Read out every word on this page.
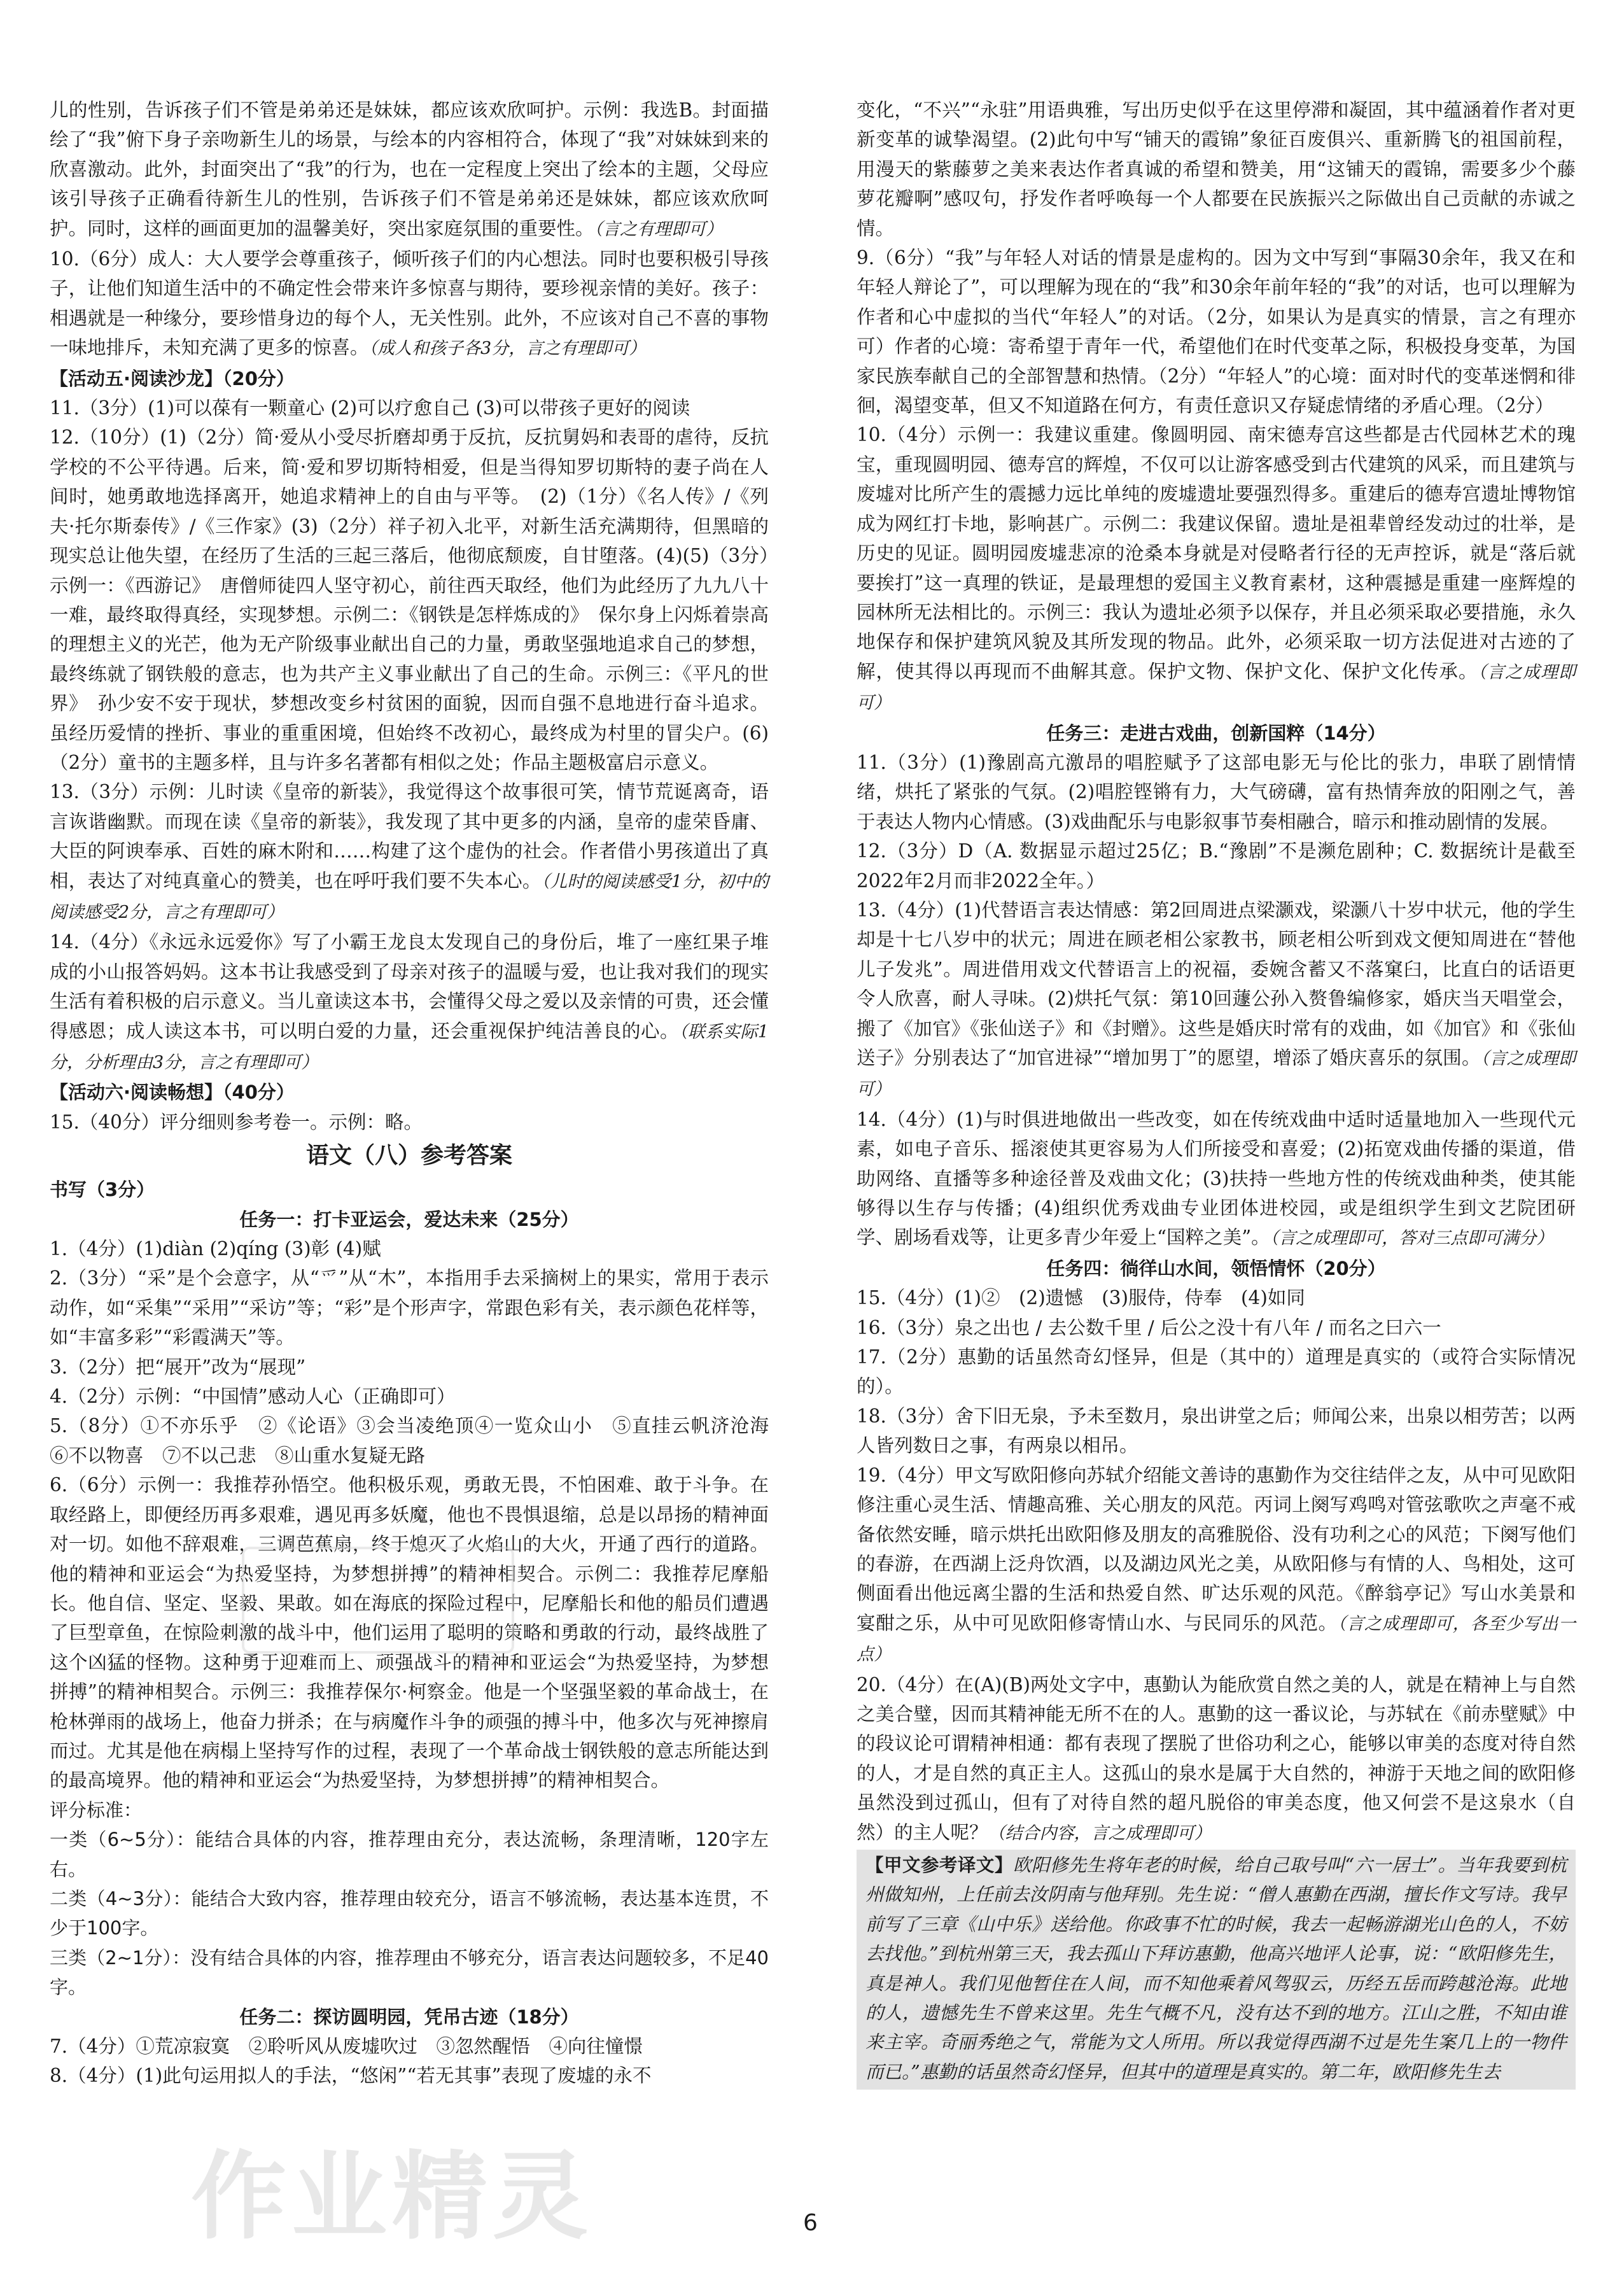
儿的性别，告诉孩子们不管是弟弟还是妹妹，都应该欢欣呵护。示例：我选B。封面描绘了“我”俯下身子亲吻新生儿的场景，与绘本的内容相符合，体现了“我”对妹妹到来的欣喜激动。此外，封面突出了“我”的行为，也在一定程度上突出了绘本的主题，父母应该引导孩子正确看待新生儿的性别，告诉孩子们不管是弟弟还是妹妹，都应该欢欣呵护。同时，这样的画面更加的温馨美好，突出家庭氛围的重要性。（言之有理即可）
10.（6分）成人：大人要学会尊重孩子，倾听孩子们的内心想法。同时也要积极引导孩子，让他们知道生活中的不确定性会带来许多惊喜与期待，要珍视亲情的美好。孩子：相遇就是一种缘分，要珍惜身边的每个人，无关性别。此外，不应该对自己不喜的事物一味地排斥，未知充满了更多的惊喜。（成人和孩子各3分，言之有理即可）
【活动五·阅读沙龙】（20分）
11.（3分）(1)可以葆有一颗童心 (2)可以疗愈自己 (3)可以带孩子更好的阅读
12.（10分）(1)（2分）简·爱从小受尽折磨却勇于反抗，反抗舅妈和表哥的虐待，反抗学校的不公平待遇。后来，简·爱和罗切斯特相爱，但是当得知罗切斯特的妻子尚在人间时，她勇敢地选择离开，她追求精神上的自由与平等。　(2)（1分）《名人传》/《列夫·托尔斯泰传》/《三作家》(3)（2分）祥子初入北平，对新生活充满期待，但黑暗的现实总让他失望，在经历了生活的三起三落后，他彻底颓废，自甘堕落。(4)(5)（3分）示例一：《西游记》　唐僧师徒四人坚守初心，前往西天取经，他们为此经历了九九八十一难，最终取得真经，实现梦想。示例二：《钢铁是怎样炼成的》　保尔身上闪烁着崇高的理想主义的光芒，他为无产阶级事业献出自己的力量，勇敢坚强地追求自己的梦想，最终练就了钢铁般的意志，也为共产主义事业献出了自己的生命。示例三：《平凡的世界》　孙少安不安于现状，梦想改变乡村贫困的面貌，因而自强不息地进行奋斗追求。虽经历爱情的挫折、事业的重重困境，但始终不改初心，最终成为村里的冒尖户。(6)（2分）童书的主题多样，且与许多名著都有相似之处；作品主题极富启示意义。
13.（3分）示例：儿时读《皇帝的新装》，我觉得这个故事很可笑，情节荒诞离奇，语言诙谐幽默。而现在读《皇帝的新装》，我发现了其中更多的内涵，皇帝的虚荣昏庸、大臣的阿谀奉承、百姓的麻木附和……构建了这个虚伪的社会。作者借小男孩道出了真相，表达了对纯真童心的赞美，也在呼吁我们要不失本心。（儿时的阅读感受1分，初中的阅读感受2分，言之有理即可）
14.（4分）《永远永远爱你》写了小霸王龙良太发现自己的身份后，堆了一座红果子堆成的小山报答妈妈。这本书让我感受到了母亲对孩子的温暖与爱，也让我对我们的现实生活有着积极的启示意义。当儿童读这本书，会懂得父母之爱以及亲情的可贵，还会懂得感恩；成人读这本书，可以明白爱的力量，还会重视保护纯洁善良的心。（联系实际1分，分析理由3分，言之有理即可）
【活动六·阅读畅想】（40分）
15.（40分）评分细则参考卷一。示例：略。
语文（八）参考答案
书写（3分）
任务一：打卡亚运会，爱达未来（25分）
1.（4分）(1)diàn (2)qíng (3)彰 (4)赋
2.（3分）“采”是个会意字，从“爫”从“木”，本指用手去采摘树上的果实，常用于表示动作，如“采集”“采用”“采访”等；“彩”是个形声字，常跟色彩有关，表示颜色花样等，如“丰富多彩”“彩霞满天”等。
3.（2分）把“展开”改为“展现”
4.（2分）示例：“中国情”感动人心（正确即可）
5.（8分）①不亦乐乎　②《论语》③会当凌绝顶④一览众山小　⑤直挂云帆济沧海　⑥不以物喜　⑦不以己悲　⑧山重水复疑无路
6.（6分）示例一：我推荐孙悟空。他积极乐观，勇敢无畏，不怕困难、敢于斗争。在取经路上，即便经历再多艰难，遇见再多妖魔，他也不畏惧退缩，总是以昂扬的精神面对一切。如他不辞艰难，三调芭蕉扇，终于熄灭了火焰山的大火，开通了西行的道路。他的精神和亚运会“为热爱坚持，为梦想拼搏”的精神相契合。示例二：我推荐尼摩船长。他自信、坚定、坚毅、果敢。如在海底的探险过程中，尼摩船长和他的船员们遭遇了巨型章鱼，在惊险刺激的战斗中，他们运用了聪明的策略和勇敢的行动，最终战胜了这个凶猛的怪物。这种勇于迎难而上、顽强战斗的精神和亚运会“为热爱坚持，为梦想拼搏”的精神相契合。示例三：我推荐保尔·柯察金。他是一个坚强坚毅的革命战士，在枪林弹雨的战场上，他奋力拼杀；在与病魔作斗争的顽强的搏斗中，他多次与死神擦肩而过。尤其是他在病榻上坚持写作的过程，表现了一个革命战士钢铁般的意志所能达到的最高境界。他的精神和亚运会“为热爱坚持，为梦想拼搏”的精神相契合。
评分标准：
一类（6~5分）：能结合具体的内容，推荐理由充分，表达流畅，条理清晰，120字左右。
二类（4~3分）：能结合大致内容，推荐理由较充分，语言不够流畅，表达基本连贯，不少于100字。
三类（2~1分）：没有结合具体的内容，推荐理由不够充分，语言表达问题较多，不足40字。
任务二：探访圆明园，凭吊古迹（18分）
7.（4分）①荒凉寂寞　②聆听风从废墟吹过　③忽然醒悟　④向往憧憬
8.（4分）(1)此句运用拟人的手法，“悠闲”“若无其事”表现了废墟的永不
变化，“不兴”“永驻”用语典雅，写出历史似乎在这里停滞和凝固，其中蕴涵着作者对更新变革的诚挚渴望。(2)此句中写“铺天的霞锦”象征百废俱兴、重新腾飞的祖国前程，用漫天的紫藤萝之美来表达作者真诚的希望和赞美，用“这铺天的霞锦，需要多少个藤萝花瓣啊”感叹句，抒发作者呼唤每一个人都要在民族振兴之际做出自己贡献的赤诚之情。
9.（6分）“我”与年轻人对话的情景是虚构的。因为文中写到“事隔30余年，我又在和年轻人辩论了”，可以理解为现在的“我”和30余年前年轻的“我”的对话，也可以理解为作者和心中虚拟的当代“年轻人”的对话。（2分，如果认为是真实的情景，言之有理亦可）作者的心境：寄希望于青年一代，希望他们在时代变革之际，积极投身变革，为国家民族奉献自己的全部智慧和热情。（2分）“年轻人”的心境：面对时代的变革迷惘和徘徊，渴望变革，但又不知道路在何方，有责任意识又存疑虑情绪的矛盾心理。（2分）
10.（4分）示例一：我建议重建。像圆明园、南宋德寿宫这些都是古代园林艺术的瑰宝，重现圆明园、德寿宫的辉煌，不仅可以让游客感受到古代建筑的风采，而且建筑与废墟对比所产生的震撼力远比单纯的废墟遗址要强烈得多。重建后的德寿宫遗址博物馆成为网红打卡地，影响甚广。示例二：我建议保留。遗址是祖辈曾经发动过的壮举，是历史的见证。圆明园废墟悲凉的沧桑本身就是对侵略者行径的无声控诉，就是“落后就要挨打”这一真理的铁证，是最理想的爱国主义教育素材，这种震撼是重建一座辉煌的园林所无法相比的。示例三：我认为遗址必须予以保存，并且必须采取必要措施，永久地保存和保护建筑风貌及其所发现的物品。此外，必须采取一切方法促进对古迹的了解，使其得以再现而不曲解其意。保护文物、保护文化、保护文化传承。（言之成理即可）
任务三：走进古戏曲，创新国粹（14分）
11.（3分）(1)豫剧高亢激昂的唱腔赋予了这部电影无与伦比的张力，串联了剧情情绪，烘托了紧张的气氛。(2)唱腔铿锵有力，大气磅礴，富有热情奔放的阳刚之气，善于表达人物内心情感。(3)戏曲配乐与电影叙事节奏相融合，暗示和推动剧情的发展。
12.（3分）D（A. 数据显示超过25亿；B.“豫剧”不是濒危剧种；C. 数据统计是截至2022年2月而非2022全年。）
13.（4分）(1)代替语言表达情感：第2回周进点梁灏戏，梁灏八十岁中状元，他的学生却是十七八岁中的状元；周进在顾老相公家教书，顾老相公听到戏文便知周进在“替他儿子发兆”。周进借用戏文代替语言上的祝福，委婉含蓄又不落窠臼，比直白的话语更令人欣喜，耐人寻味。(2)烘托气氛：第10回蘧公孙入赘鲁编修家，婚庆当天唱堂会，搬了《加官》《张仙送子》和《封赠》。这些是婚庆时常有的戏曲，如《加官》和《张仙送子》分别表达了“加官进禄”“增加男丁”的愿望，增添了婚庆喜乐的氛围。（言之成理即可）
14.（4分）(1)与时俱进地做出一些改变，如在传统戏曲中适时适量地加入一些现代元素，如电子音乐、摇滚使其更容易为人们所接受和喜爱；(2)拓宽戏曲传播的渠道，借助网络、直播等多种途径普及戏曲文化；(3)扶持一些地方性的传统戏曲种类，使其能够得以生存与传播；(4)组织优秀戏曲专业团体进校园，或是组织学生到文艺院团研学、剧场看戏等，让更多青少年爱上“国粹之美”。（言之成理即可，答对三点即可满分）
任务四：徜徉山水间，领悟情怀（20分）
15.（4分）(1)②　(2)遗憾　(3)服侍，侍奉　(4)如同
16.（3分）泉之出也 / 去公数千里 / 后公之没十有八年 / 而名之曰六一
17.（2分）惠勤的话虽然奇幻怪异，但是（其中的）道理是真实的（或符合实际情况的）。
18.（3分）舍下旧无泉，予未至数月，泉出讲堂之后；师闻公来，出泉以相劳苦；以两人皆列数日之事，有两泉以相吊。
19.（4分）甲文写欧阳修向苏轼介绍能文善诗的惠勤作为交往结伴之友，从中可见欧阳修注重心灵生活、情趣高雅、关心朋友的风范。丙词上阕写鸡鸣对管弦歌吹之声毫不戒备依然安睡，暗示烘托出欧阳修及朋友的高雅脱俗、没有功利之心的风范；下阕写他们的春游，在西湖上泛舟饮酒，以及湖边风光之美，从欧阳修与有情的人、鸟相处，这可侧面看出他远离尘嚣的生活和热爱自然、旷达乐观的风范。《醉翁亭记》写山水美景和宴酣之乐，从中可见欧阳修寄情山水、与民同乐的风范。（言之成理即可，各至少写出一点）
20.（4分）在(A)(B)两处文字中，惠勤认为能欣赏自然之美的人，就是在精神上与自然之美合璧，因而其精神能无所不在的人。惠勤的这一番议论，与苏轼在《前赤壁赋》中的段议论可谓精神相通：都有表现了摆脱了世俗功利之心，能够以审美的态度对待自然的人，才是自然的真正主人。这孤山的泉水是属于大自然的，神游于天地之间的欧阳修虽然没到过孤山，但有了对待自然的超凡脱俗的审美态度，他又何尝不是这泉水（自然）的主人呢？（结合内容，言之成理即可）
【甲文参考译文】欧阳修先生将年老的时候，给自己取号叫“六一居士”。当年我要到杭州做知州，上任前去汝阴南与他拜别。先生说：“僧人惠勤在西湖，擅长作文写诗。我早前写了三章《山中乐》送给他。你政事不忙的时候，我去一起畅游湖光山色的人，不妨去找他。”到杭州第三天，我去孤山下拜访惠勤，他高兴地评人论事，说：“欧阳修先生，真是神人。我们见他暂住在人间，而不知他乘着风驾驭云，历经五岳而跨越沧海。此地的人，遗憾先生不曾来这里。先生气概不凡，没有达不到的地方。江山之胜，不知由谁来主宰。奇丽秀绝之气，常能为文人所用。所以我觉得西湖不过是先生案几上的一物件而已。”惠勤的话虽然奇幻怪异，但其中的道理是真实的。第二年，欧阳修先生去
作业精灵	6
